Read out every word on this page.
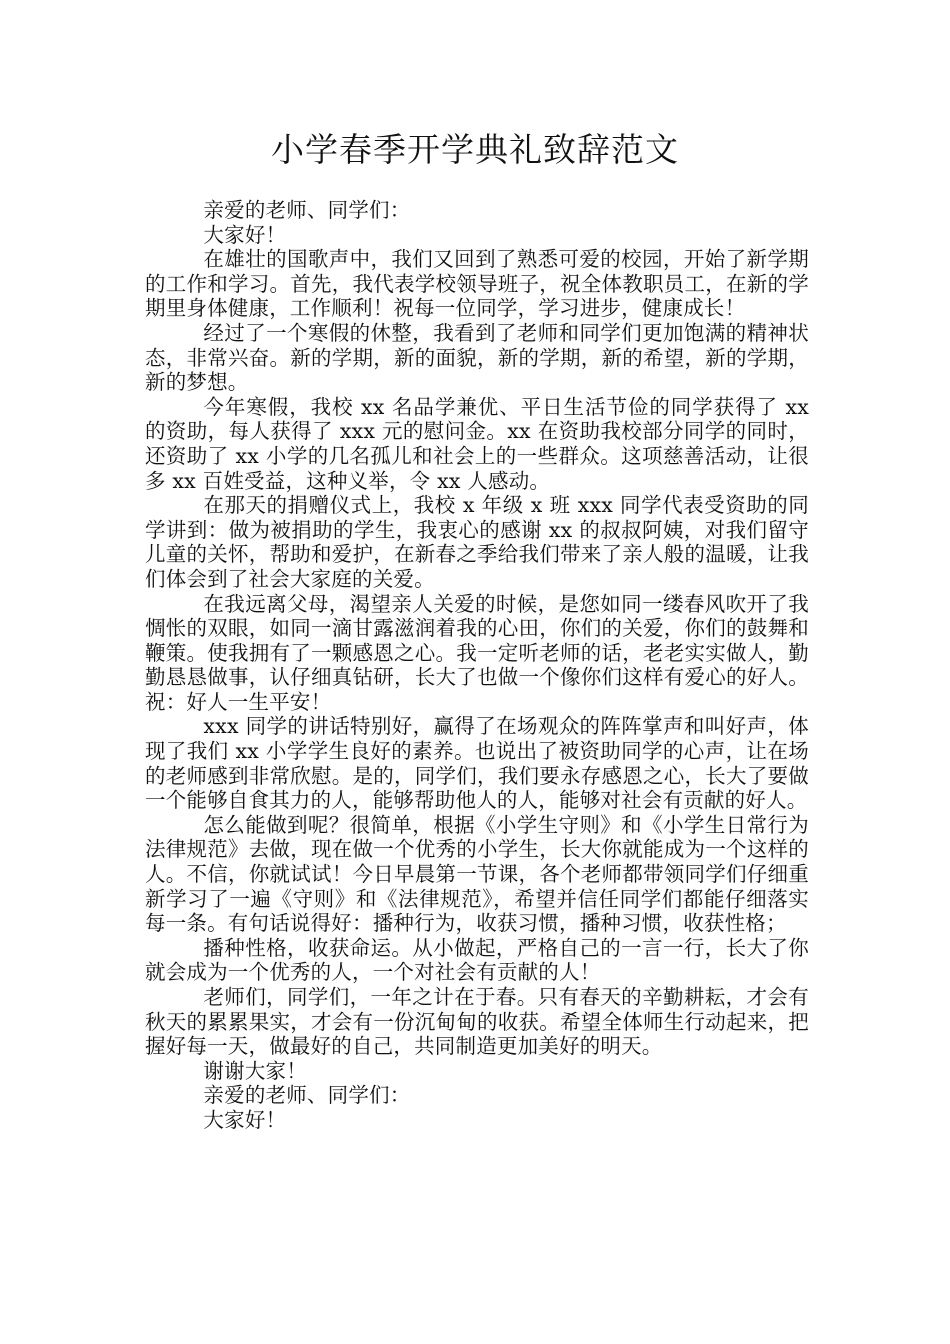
小学春季开学典礼致辞范文

亲爱的老师、同学们：

大家好！

在雄壮的国歌声中，我们又回到了熟悉可爱的校园，开始了新学期的工作和学习。首先，我代表学校领导班子，祝全体教职员工，在新的学期里身体健康，工作顺利！祝每一位同学，学习进步，健康成长！

经过了一个寒假的休整，我看到了老师和同学们更加饱满的精神状态，非常兴奋。新的学期，新的面貌，新的学期，新的希望，新的学期，新的梦想。

今年寒假，我校 xx 名品学兼优、平日生活节俭的同学获得了 xx 的资助，每人获得了 xxx 元的慰问金。xx 在资助我校部分同学的同时，还资助了 xx 小学的几名孤儿和社会上的一些群众。这项慈善活动，让很多 xx 百姓受益，这种义举，令 xx 人感动。

在那天的捐赠仪式上，我校 x 年级 x 班 xxx 同学代表受资助的同学讲到：做为被捐助的学生，我衷心的感谢 xx 的叔叔阿姨，对我们留守儿童的关怀，帮助和爱护，在新春之季给我们带来了亲人般的温暖，让我们体会到了社会大家庭的关爱。

在我远离父母，渴望亲人关爱的时候，是您如同一缕春风吹开了我惆怅的双眼，如同一滴甘露滋润着我的心田，你们的关爱，你们的鼓舞和鞭策。使我拥有了一颗感恩之心。我一定听老师的话，老老实实做人，勤勤恳恳做事，认仔细真钻研，长大了也做一个像你们这样有爱心的好人。祝：好人一生平安！

xxx 同学的讲话特别好，赢得了在场观众的阵阵掌声和叫好声，体现了我们 xx 小学学生良好的素养。也说出了被资助同学的心声，让在场的老师感到非常欣慰。是的，同学们，我们要永存感恩之心，长大了要做一个能够自食其力的人，能够帮助他人的人，能够对社会有贡献的好人。

怎么能做到呢？很简单，根据《小学生守则》和《小学生日常行为法律规范》去做，现在做一个优秀的小学生，长大你就能成为一个这样的人。不信，你就试试！今日早晨第一节课，各个老师都带领同学们仔细重新学习了一遍《守则》和《法律规范》，希望并信任同学们都能仔细落实每一条。有句话说得好：播种行为，收获习惯，播种习惯，收获性格；

播种性格，收获命运。从小做起，严格自己的一言一行，长大了你就会成为一个优秀的人，一个对社会有贡献的人！

老师们，同学们，一年之计在于春。只有春天的辛勤耕耘，才会有秋天的累累果实，才会有一份沉甸甸的收获。希望全体师生行动起来，把握好每一天，做最好的自己，共同制造更加美好的明天。

谢谢大家！

亲爱的老师、同学们：

大家好！
